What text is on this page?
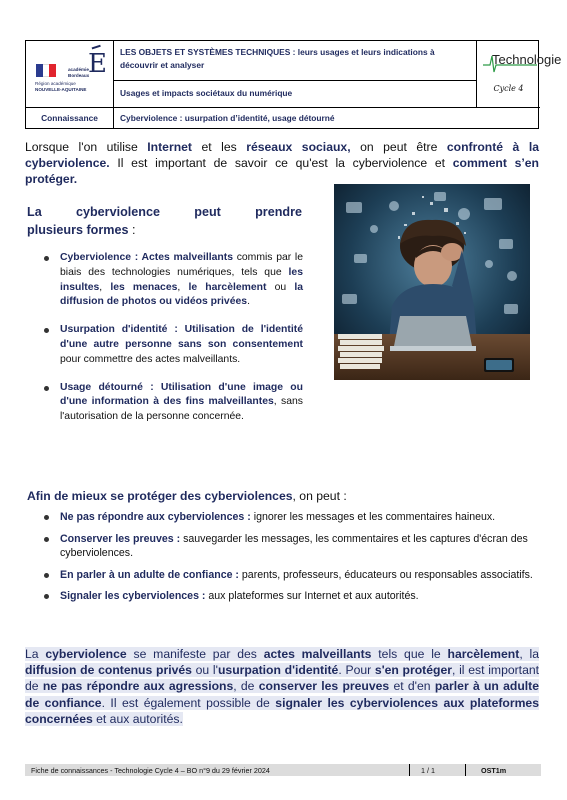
académie
Bordeaux
E
Région académique
NOUVELLE-AQUITAINE
LES OBJETS ET SYSTÈMES TECHNIQUES : leurs usages et leurs indications à découvrir et analyser
Usages et impacts sociétaux du numérique
Technologie
Cycle 4
Connaissance	Cyberviolence : usurpation d’identité, usage détourné

Lorsque l'on utilise Internet et les réseaux sociaux, on peut être confronté à la cyberviolence. Il est important de savoir ce qu'est la cyberviolence et comment s’en protéger.

La	cyberviolence	peut	prendre
plusieurs formes :
Cyberviolence : Actes malveillants commis par le biais des technologies numériques, tels que les insultes, les menaces, le harcèlement ou la diffusion de photos ou vidéos privées.
Usurpation d'identité : Utilisation de l'identité d'une autre personne sans son consentement pour commettre des actes malveillants.
Usage détourné : Utilisation d'une image ou d'une information à des fins malveillantes, sans l'autorisation de la personne concernée.

Afin de mieux se protéger des cyberviolences, on peut :

Ne pas répondre aux cyberviolences : ignorer les messages et les commentaires haineux.
Conserver les preuves : sauvegarder les messages, les commentaires et les captures d'écran des cyberviolences.
En parler à un adulte de confiance : parents, professeurs, éducateurs ou responsables associatifs.
Signaler les cyberviolences : aux plateformes sur Internet et aux autorités.

La cyberviolence se manifeste par des actes malveillants tels que le harcèlement, la diffusion de contenus privés ou l'usurpation d'identité. Pour s'en protéger, il est important de ne pas répondre aux agressions, de conserver les preuves et d'en parler à un adulte de confiance. Il est également possible de signaler les cyberviolences aux plateformes concernées et aux autorités.

Fiche de connaissances - Technologie Cycle 4 – BO n°9 du 29 février 2024	1 / 1	OST1m
